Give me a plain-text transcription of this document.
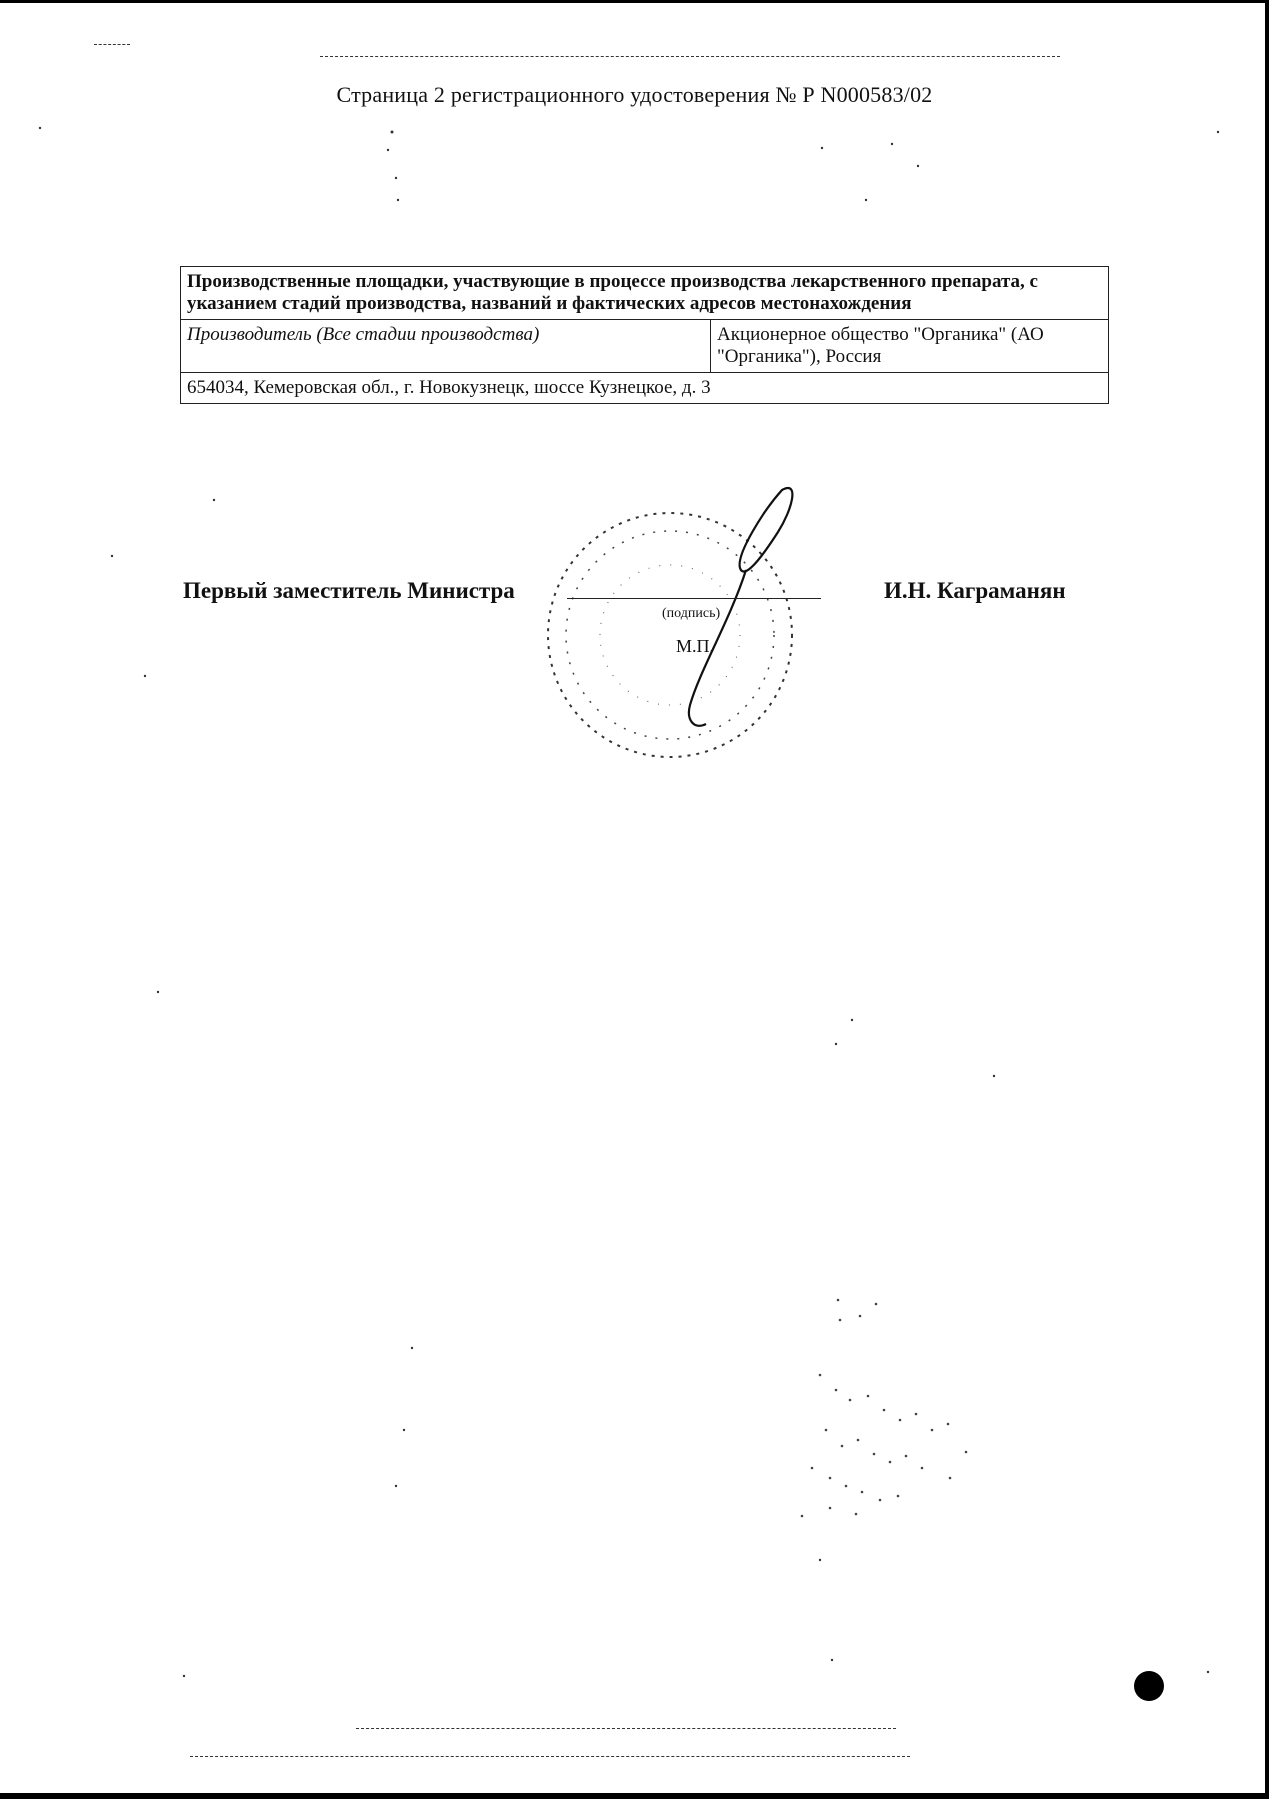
Страница 2 регистрационного удостоверения № Р N000583/02
Производственные площадки, участвующие в процессе производства лекарственного препарата, с указанием стадий производства, названий и фактических адресов местонахождения
Производитель (Все стадии производства)	Акционерное общество "Органика" (АО "Органика"), Россия
654034, Кемеровская обл., г. Новокузнецк, шоссе Кузнецкое, д. 3
Первый заместитель Министра
(подпись)
И.Н. Каграманян
М.П.
